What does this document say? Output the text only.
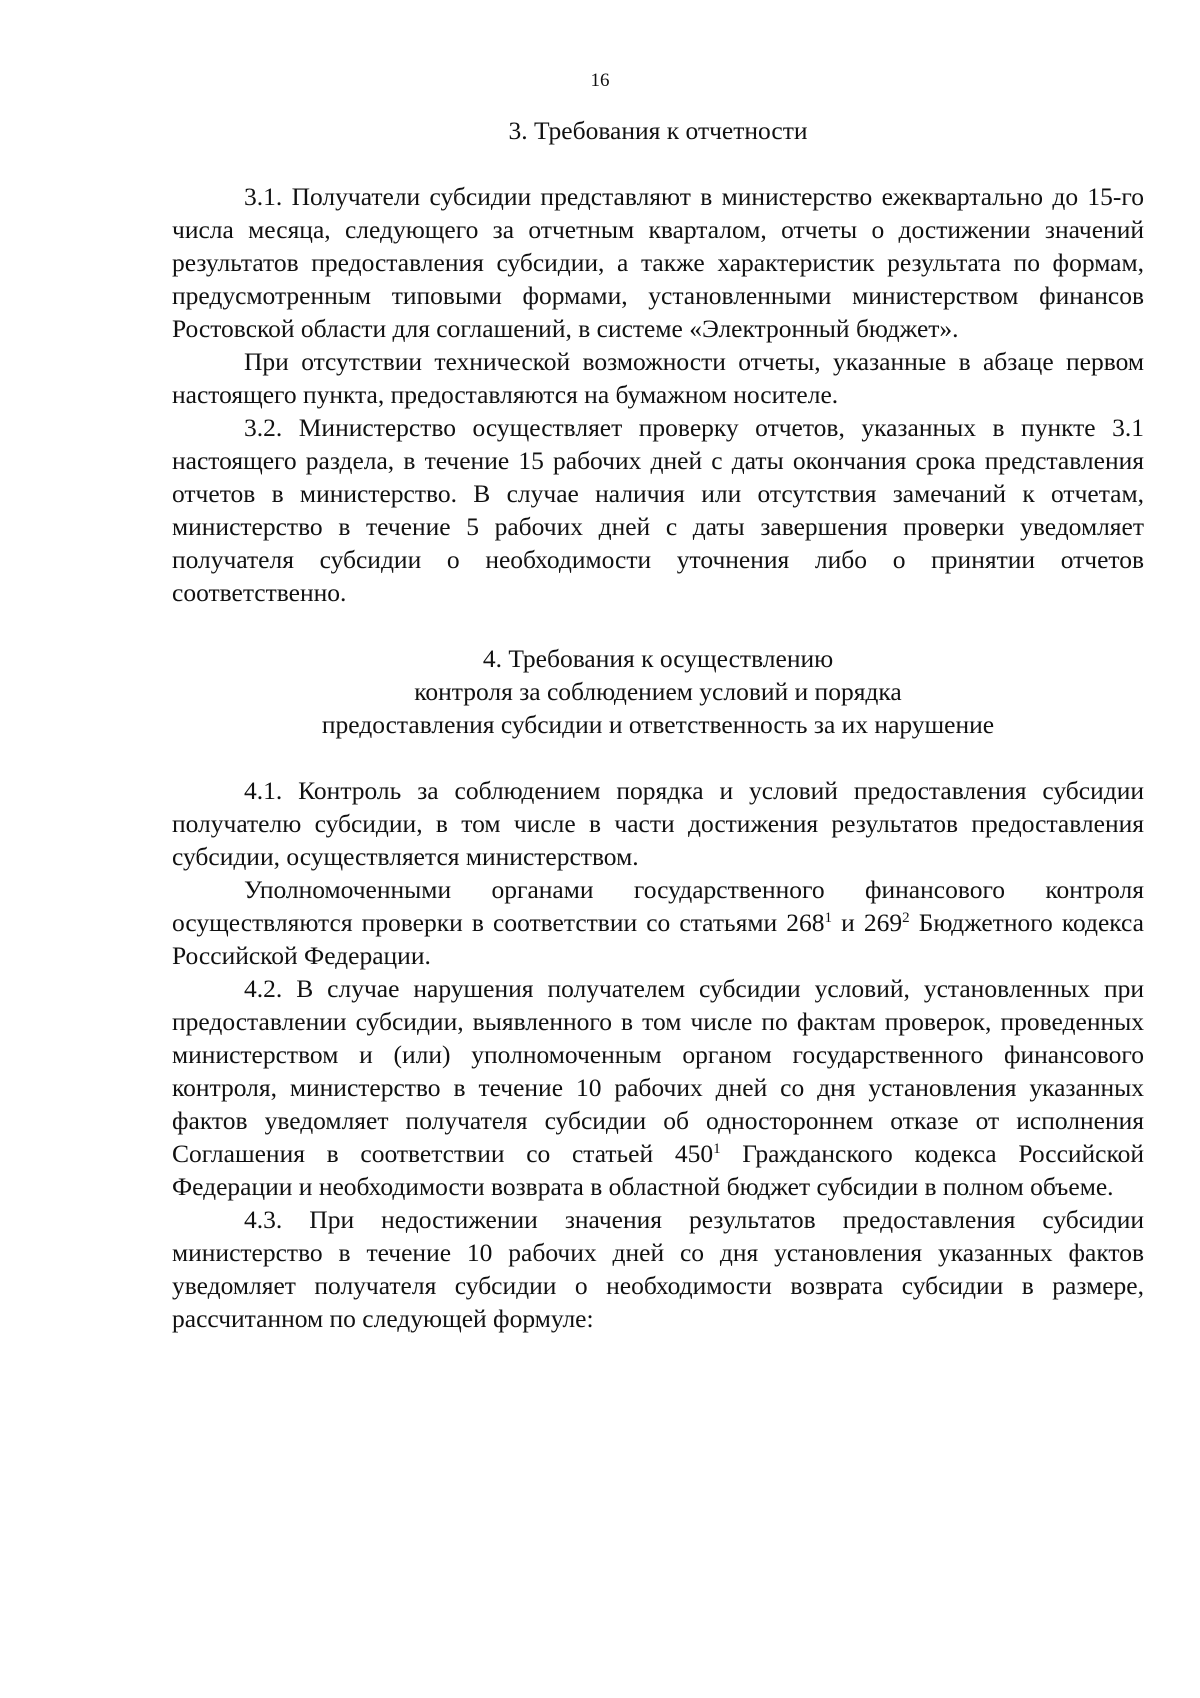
16
3. Требования к отчетности

3.1. Получатели субсидии представляют в министерство ежеквартально до 15-го числа месяца, следующего за отчетным кварталом, отчеты о достижении значений результатов предоставления субсидии, а также характеристик результата по формам, предусмотренным типовыми формами, установленными министерством финансов Ростовской области для соглашений, в системе «Электронный бюджет».

При отсутствии технической возможности отчеты, указанные в абзаце первом настоящего пункта, предоставляются на бумажном носителе.

3.2. Министерство осуществляет проверку отчетов, указанных в пункте 3.1 настоящего раздела, в течение 15 рабочих дней с даты окончания срока представления отчетов в министерство. В случае наличия или отсутствия замечаний к отчетам, министерство в течение 5 рабочих дней с даты завершения проверки уведомляет получателя субсидии о необходимости уточнения либо о принятии отчетов соответственно.

4. Требования к осуществлению
контроля за соблюдением условий и порядка
предоставления субсидии и ответственность за их нарушение

4.1. Контроль за соблюдением порядка и условий предоставления субсидии получателю субсидии, в том числе в части достижения результатов предоставления субсидии, осуществляется министерством.

Уполномоченными органами государственного финансового контроля осуществляются проверки в соответствии со статьями $268^1$ и $269^2$ Бюджетного кодекса Российской Федерации.

4.2. В случае нарушения получателем субсидии условий, установленных при предоставлении субсидии, выявленного в том числе по фактам проверок, проведенных министерством и (или) уполномоченным органом государственного финансового контроля, министерство в течение 10 рабочих дней со дня установления указанных фактов уведомляет получателя субсидии об одностороннем отказе от исполнения Соглашения в соответствии со статьей $450^1$ Гражданского кодекса Российской Федерации и необходимости возврата в областной бюджет субсидии в полном объеме.

4.3. При недостижении значения результатов предоставления субсидии министерство в течение 10 рабочих дней со дня установления указанных фактов уведомляет получателя субсидии о необходимости возврата субсидии в размере, рассчитанном по следующей формуле:
